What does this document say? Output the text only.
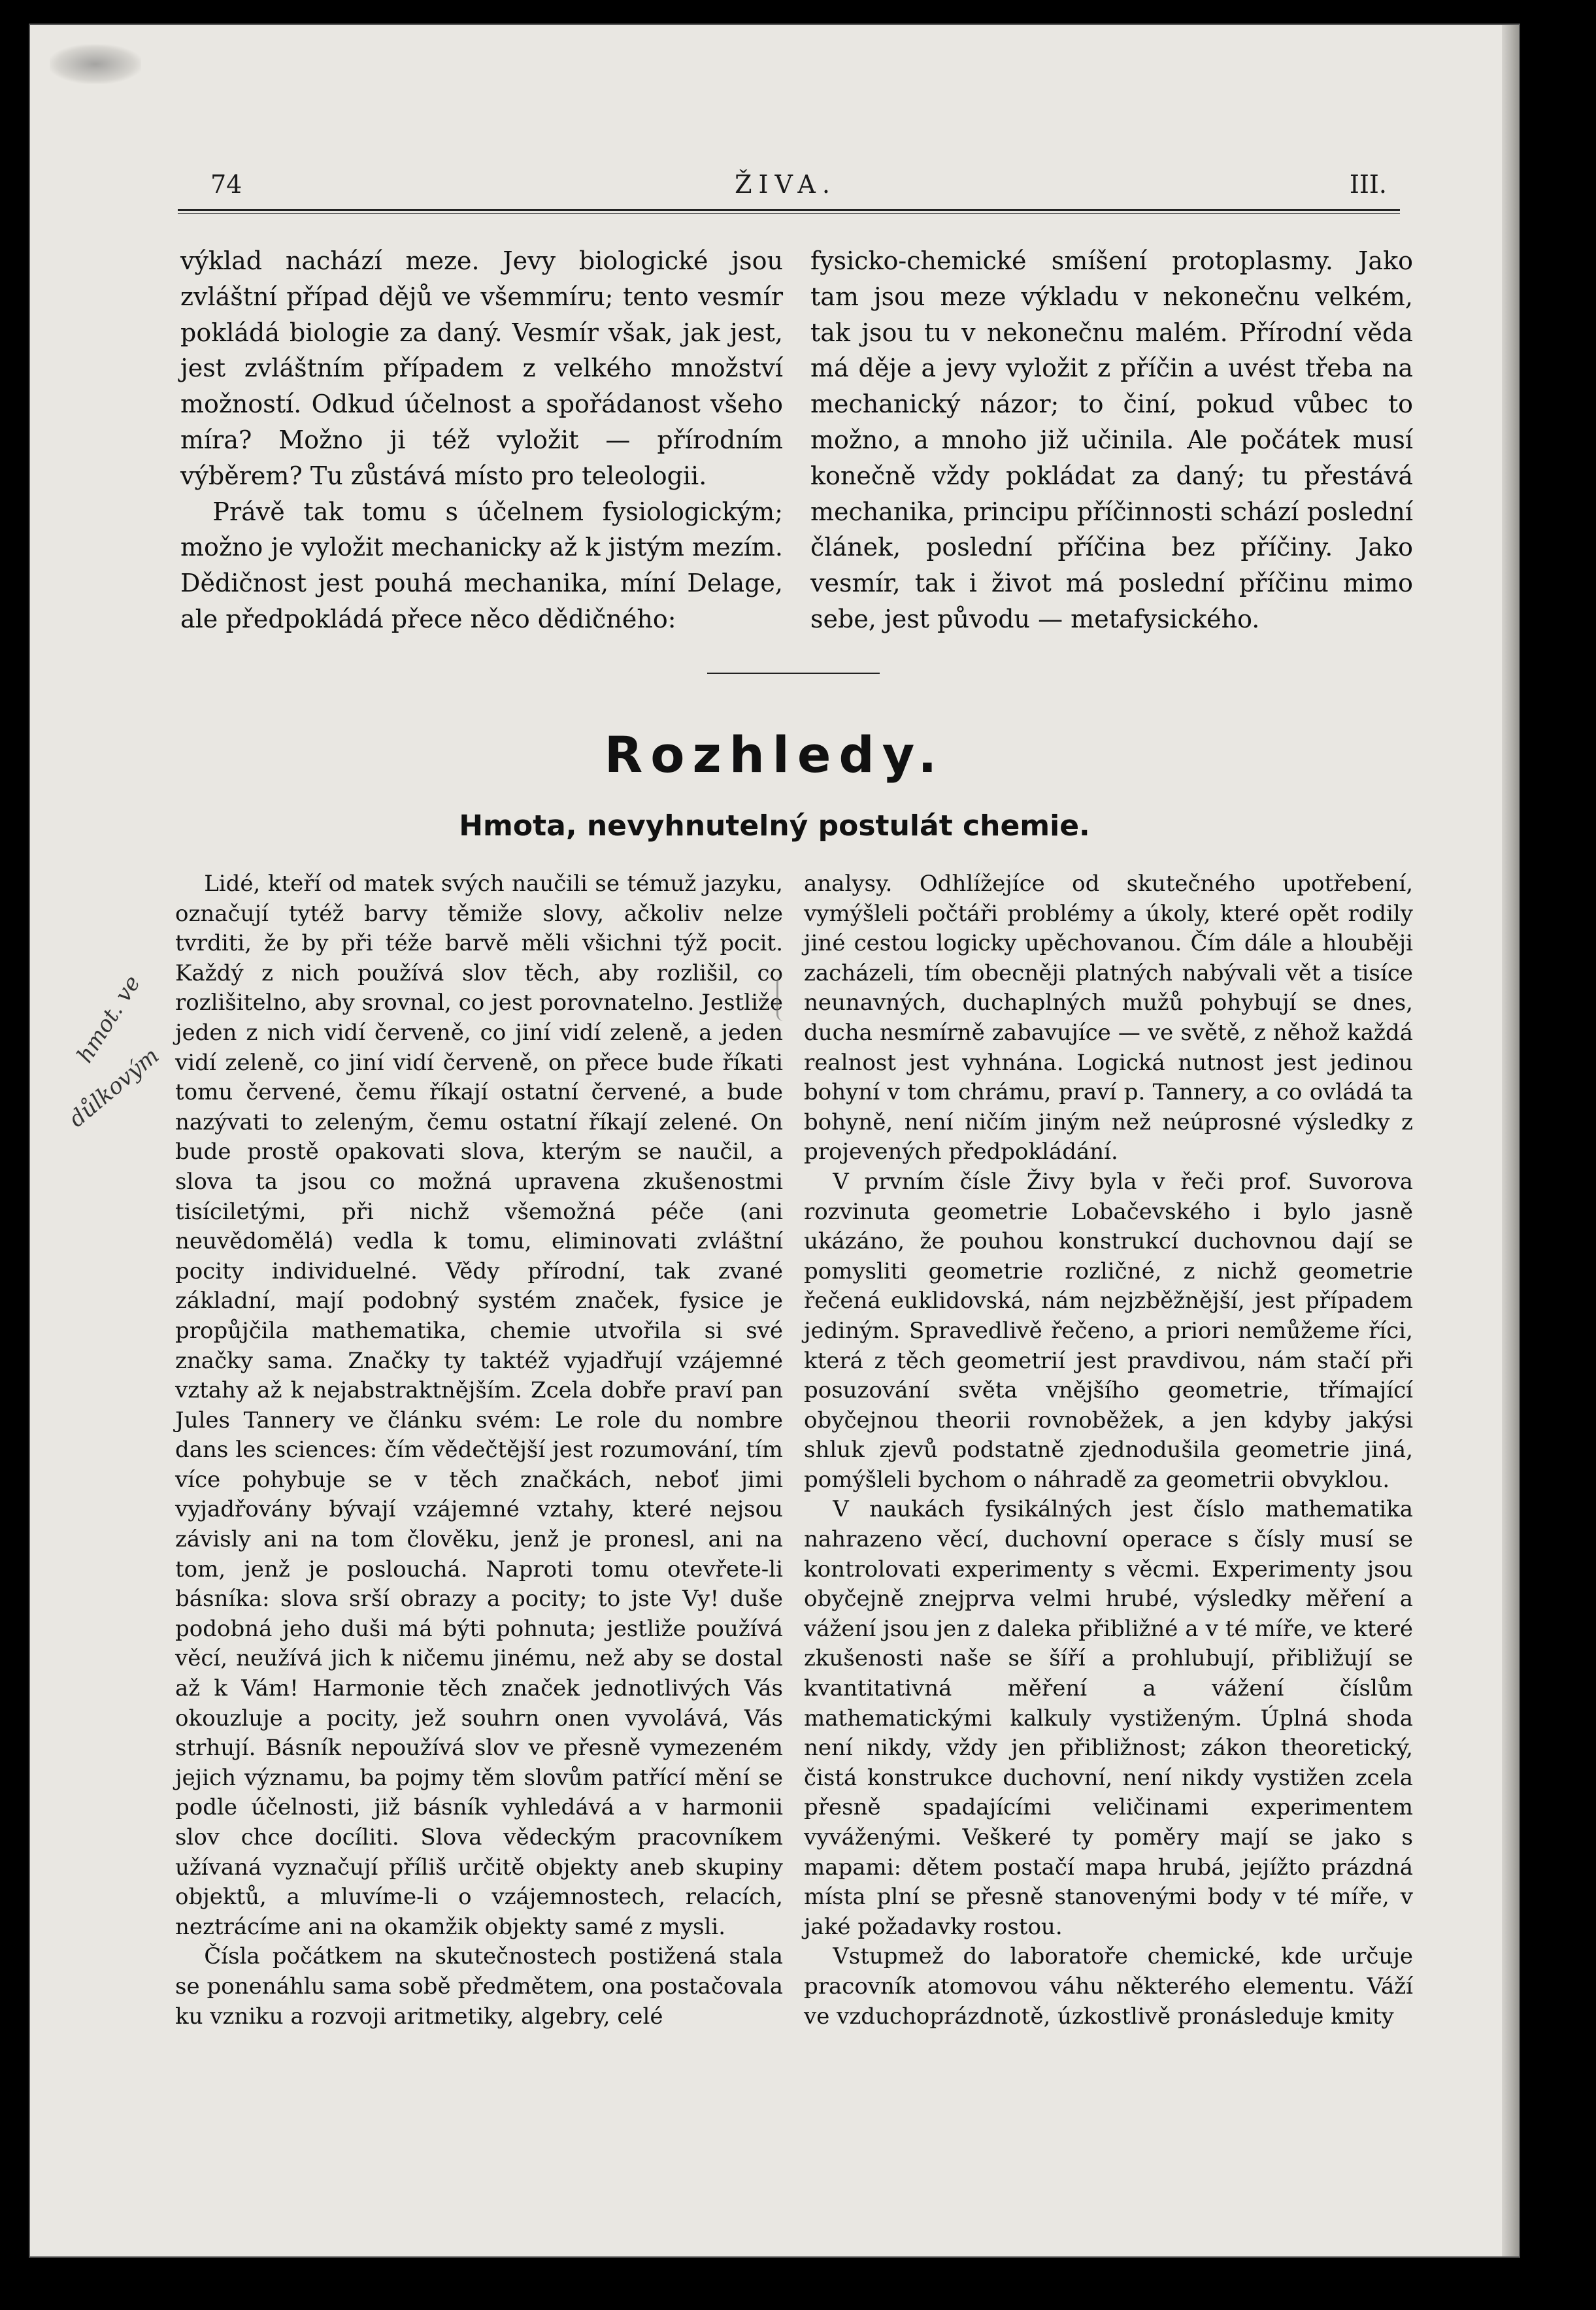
74	ŽIVA.	III.

výklad nachází meze. Jevy biologické jsou zvláštní případ dějů ve všemmíru; tento vesmír pokládá biologie za daný. Vesmír však, jak jest, jest zvláštním případem z velkého množství možností. Odkud účelnost a spořádanost všeho míra? Možno ji též vyložit — přírodním výběrem? Tu zůstává místo pro teleologii.

Právě tak tomu s účelnem fysiologickým; možno je vyložit mechanicky až k jistým mezím. Dědičnost jest pouhá mechanika, míní Delage, ale předpokládá přece něco dědičného:

fysicko-chemické smíšení protoplasmy. Jako tam jsou meze výkladu v nekonečnu velkém, tak jsou tu v nekonečnu malém. Přírodní věda má děje a jevy vyložit z příčin a uvést třeba na mechanický názor; to činí, pokud vůbec to možno, a mnoho již učinila. Ale počátek musí konečně vždy pokládat za daný; tu přestává mechanika, principu příčinnosti schází poslední článek, poslední příčina bez příčiny. Jako vesmír, tak i život má poslední příčinu mimo sebe, jest původu — metafysického.

Rozhledy.
Hmota, nevyhnutelný postulát chemie.

Lidé, kteří od matek svých naučili se témuž jazyku, označují tytéž barvy těmiže slovy, ačkoliv nelze tvrditi, že by při téže barvě měli všichni týž pocit. Každý z nich používá slov těch, aby rozlišil, co rozlišitelno, aby srovnal, co jest porovnatelno. Jestliže jeden z nich vidí červeně, co jiní vidí zeleně, a jeden vidí zeleně, co jiní vidí červeně, on přece bude říkati tomu červené, čemu říkají ostatní červené, a bude nazývati to zeleným, čemu ostatní říkají zelené. On bude prostě opakovati slova, kterým se naučil, a slova ta jsou co možná upravena zkušenostmi tisíciletými, při nichž všemožná péče (ani neuvědomělá) vedla k tomu, eliminovati zvláštní pocity individuelné. Vědy přírodní, tak zvané základní, mají podobný systém značek, fysice je propůjčila mathematika, chemie utvořila si své značky sama. Značky ty taktéž vyjadřují vzájemné vztahy až k nejabstraktnějším. Zcela dobře praví pan Jules Tannery ve článku svém: Le role du nombre dans les sciences: čím vědečtější jest rozumování, tím více pohybuje se v těch značkách, neboť jimi vyjadřovány bývají vzájemné vztahy, které nejsou závisly ani na tom člověku, jenž je pronesl, ani na tom, jenž je poslouchá. Naproti tomu otevřete-li básníka: slova srší obrazy a pocity; to jste Vy! duše podobná jeho duši má býti pohnuta; jestliže používá věcí, neužívá jich k ničemu jinému, než aby se dostal až k Vám! Harmonie těch značek jednotlivých Vás okouzluje a pocity, jež souhrn onen vyvolává, Vás strhují. Básník nepoužívá slov ve přesně vymezeném jejich významu, ba pojmy těm slovům patřící mění se podle účelnosti, již básník vyhledává a v harmonii slov chce docíliti. Slova vědeckým pracovníkem užívaná vyznačují příliš určitě objekty aneb skupiny objektů, a mluvíme-li o vzájemnostech, relacích, neztrácíme ani na okamžik objekty samé z mysli.

Čísla počátkem na skutečnostech postižená stala se ponenáhlu sama sobě předmětem, ona postačovala ku vzniku a rozvoji aritmetiky, algebry, celé

analysy. Odhlížejíce od skutečného upotřebení, vymýšleli počtáři problémy a úkoly, které opět rodily jiné cestou logicky upěchovanou. Čím dále a hlouběji zacházeli, tím obecněji platných nabývali vět a tisíce neunavných, duchaplných mužů pohybují se dnes, ducha nesmírně zabavujíce — ve světě, z něhož každá realnost jest vyhnána. Logická nutnost jest jedinou bohyní v tom chrámu, praví p. Tannery, a co ovládá ta bohyně, není ničím jiným než neúprosné výsledky z projevených předpokládání.

V prvním čísle Živy byla v řeči prof. Suvorova rozvinuta geometrie Lobačevského i bylo jasně ukázáno, že pouhou konstrukcí duchovnou dají se pomysliti geometrie rozličné, z nichž geometrie řečená euklidovská, nám nejzběžnější, jest případem jediným. Spravedlivě řečeno, a priori nemůžeme říci, která z těch geometrií jest pravdivou, nám stačí při posuzování světa vnějšího geometrie, třímající obyčejnou theorii rovnoběžek, a jen kdyby jakýsi shluk zjevů podstatně zjednodušila geometrie jiná, pomýšleli bychom o náhradě za geometrii obvyklou.

V naukách fysikálných jest číslo mathematika nahrazeno věcí, duchovní operace s čísly musí se kontrolovati experimenty s věcmi. Experimenty jsou obyčejně znejprva velmi hrubé, výsledky měření a vážení jsou jen z daleka přibližné a v té míře, ve které zkušenosti naše se šíří a prohlubují, přibližují se kvantitativná měření a vážení číslům mathematickými kalkuly vystiženým. Úplná shoda není nikdy, vždy jen přibližnost; zákon theoretický, čistá konstrukce duchovní, není nikdy vystižen zcela přesně spadajícími veličinami experimentem vyváženými. Veškeré ty poměry mají se jako s mapami: dětem postačí mapa hrubá, jejížto prázdná místa plní se přesně stanovenými body v té míře, v jaké požadavky rostou.

Vstupmež do laboratoře chemické, kde určuje pracovník atomovou váhu některého elementu. Váží ve vzduchoprázdnotě, úzkostlivě pronásleduje kmity

hmot. ve
důlkovým
